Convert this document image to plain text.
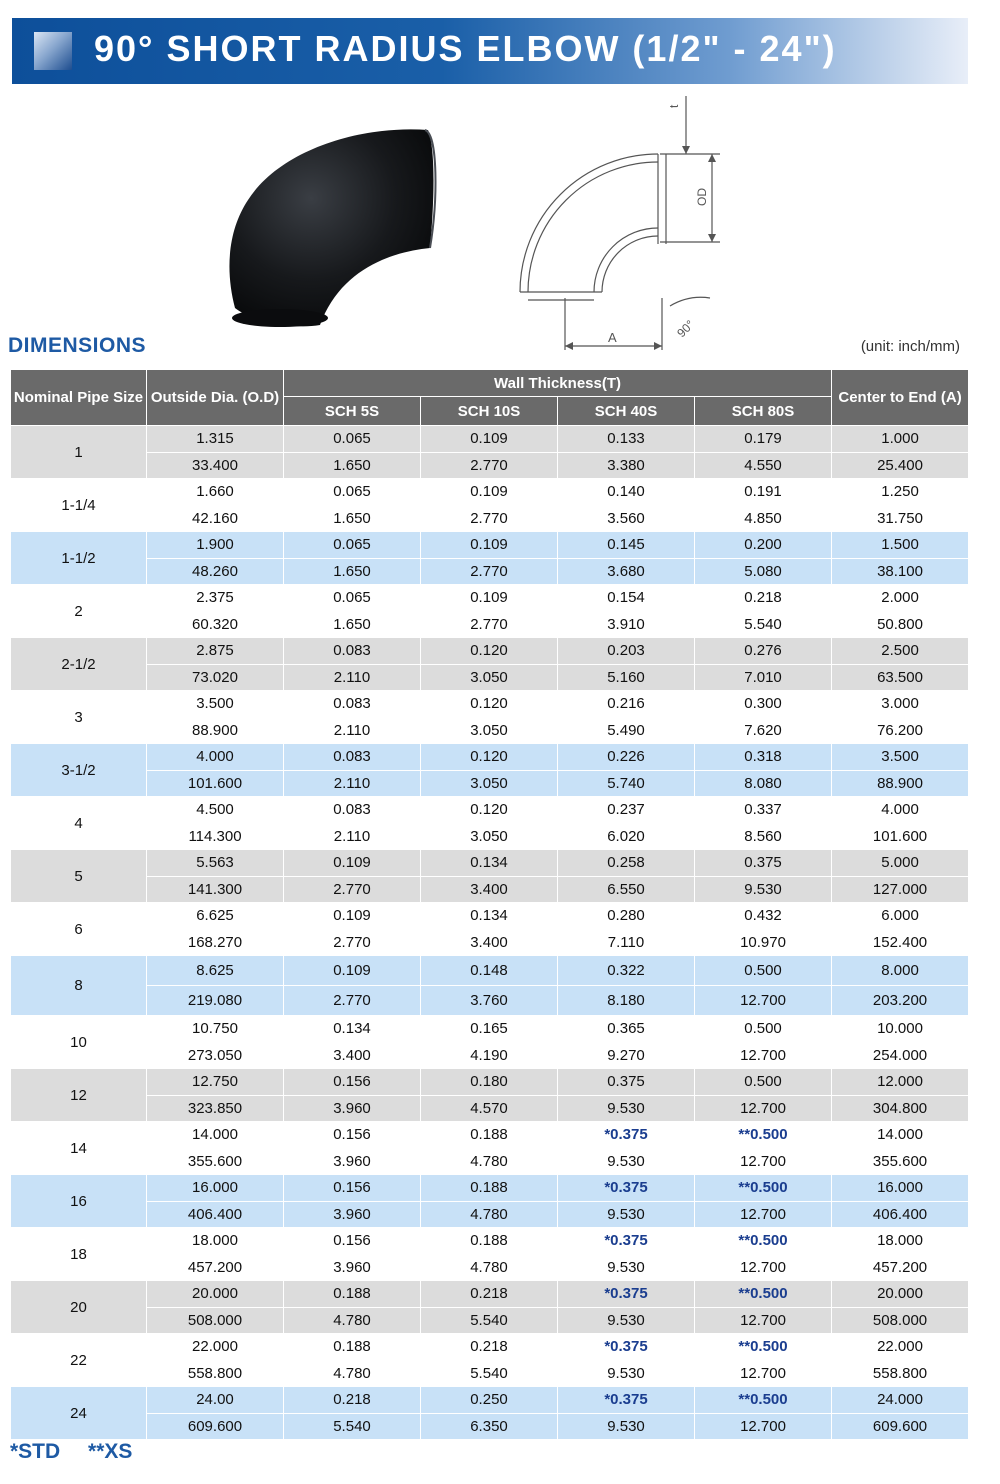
90° SHORT RADIUS ELBOW (1/2" - 24")
t
OD
A	90°
DIMENSIONS	(unit: inch/mm)
Nominal Pipe Size	Outside Dia. (O.D)	Wall Thickness(T)				Center to End (A)
		SCH 5S	SCH 10S	SCH 40S	SCH 80S	
1	1.315	0.065	0.109	0.133	0.179	1.000
	33.400	1.650	2.770	3.380	4.550	25.400
1-1/4	1.660	0.065	0.109	0.140	0.191	1.250
	42.160	1.650	2.770	3.560	4.850	31.750
1-1/2	1.900	0.065	0.109	0.145	0.200	1.500
	48.260	1.650	2.770	3.680	5.080	38.100
2	2.375	0.065	0.109	0.154	0.218	2.000
	60.320	1.650	2.770	3.910	5.540	50.800
2-1/2	2.875	0.083	0.120	0.203	0.276	2.500
	73.020	2.110	3.050	5.160	7.010	63.500
3	3.500	0.083	0.120	0.216	0.300	3.000
	88.900	2.110	3.050	5.490	7.620	76.200
3-1/2	4.000	0.083	0.120	0.226	0.318	3.500
	101.600	2.110	3.050	5.740	8.080	88.900
4	4.500	0.083	0.120	0.237	0.337	4.000
	114.300	2.110	3.050	6.020	8.560	101.600
5	5.563	0.109	0.134	0.258	0.375	5.000
	141.300	2.770	3.400	6.550	9.530	127.000
6	6.625	0.109	0.134	0.280	0.432	6.000
	168.270	2.770	3.400	7.110	10.970	152.400
8	8.625	0.109	0.148	0.322	0.500	8.000
	219.080	2.770	3.760	8.180	12.700	203.200
10	10.750	0.134	0.165	0.365	0.500	10.000
	273.050	3.400	4.190	9.270	12.700	254.000
12	12.750	0.156	0.180	0.375	0.500	12.000
	323.850	3.960	4.570	9.530	12.700	304.800
14	14.000	0.156	0.188	*0.375	**0.500	14.000
	355.600	3.960	4.780	9.530	12.700	355.600
16	16.000	0.156	0.188	*0.375	**0.500	16.000
	406.400	3.960	4.780	9.530	12.700	406.400
18	18.000	0.156	0.188	*0.375	**0.500	18.000
	457.200	3.960	4.780	9.530	12.700	457.200
20	20.000	0.188	0.218	*0.375	**0.500	20.000
	508.000	4.780	5.540	9.530	12.700	508.000
22	22.000	0.188	0.218	*0.375	**0.500	22.000
	558.800	4.780	5.540	9.530	12.700	558.800
24	24.00	0.218	0.250	*0.375	**0.500	24.000
	609.600	5.540	6.350	9.530	12.700	609.600
*STD **XS
